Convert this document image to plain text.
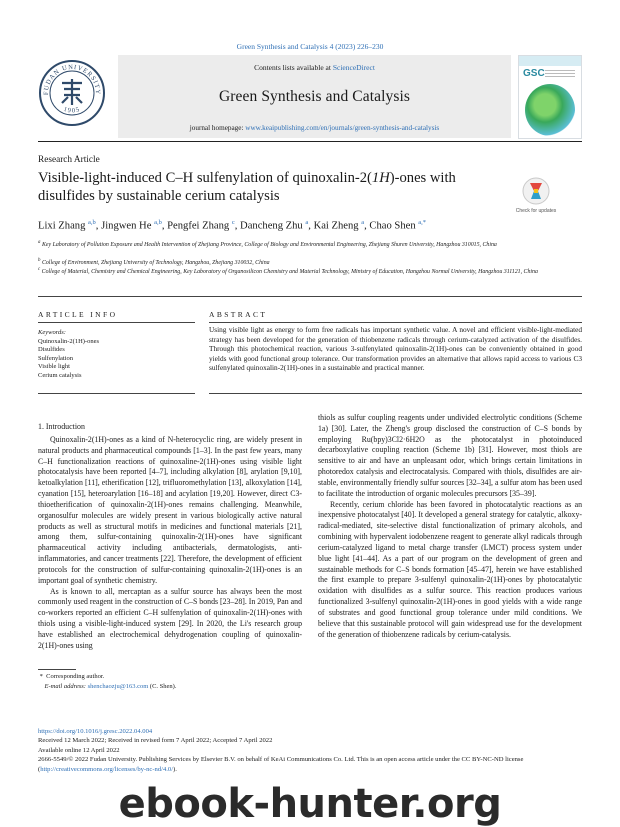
Green Synthesis and Catalysis 4 (2023) 226–230
Contents lists available at ScienceDirect
Green Synthesis and Catalysis
journal homepage: www.keaipublishing.com/en/journals/green-synthesis-and-catalysis
FUDAN UNIVERSITY
1905
GSC
Research Article
Visible-light-induced C–H sulfenylation of quinoxalin-2(1H)-ones with disulfides by sustainable cerium catalysis
Check for updates
Lixi Zhang $^{a,b}$, Jingwen He $^{a,b}$, Pengfei Zhang $^c$, Dancheng Zhu $^a$, Kai Zheng $^a$, Chao Shen $^{a,*}$
$^a$ Key Laboratory of Pollution Exposure and Health Intervention of Zhejiang Province, College of Biology and Environmental Engineering, Zhejiang Shuren University, Hangzhou 310015, China
$^b$ College of Environment, Zhejiang University of Technology, Hangzhou, Zhejiang 310032, China
$^c$ College of Material, Chemistry and Chemical Engineering, Key Laboratory of Organosilicon Chemistry and Material Technology, Ministry of Education, Hangzhou Normal University, Hangzhou 311121, China
ARTICLE INFO	ABSTRACT
Keywords:
Quinoxalin-2(1H)-ones
Disulfides
Sulfenylation
Visible light
Cerium catalysis
Using visible light as energy to form free radicals has important synthetic value. A novel and efficient visible-light-mediated strategy has been developed for the generation of thiobenzene radicals through cerium-catalyzed activation of the disulfides. Through this photochemical reaction, various 3-sulfenylated quinoxalin-2(1H)-ones can be conveniently obtained in good yields with good functional group tolerance. Our transformation provides an alternative that allows rapid access to various C3 sulfenylated quinoxalin-2(1H)-ones in a sustainable and practical manner.
1. Introduction

Quinoxalin-2(1H)-ones as a kind of N-heterocyclic ring, are widely present in natural products and pharmaceutical compounds [1–3]. In the past few years, many C–H functionalization reactions of quinoxaline-2(1H)-ones using visible light photocatalysis have been reported [4–7], including alkylation [8], arylation [9,10], ketoalkylation [11], etherification [12], trifluoromethylation [13], alkoxylation [14], cyanation [15], heteroarylation [16–18] and acylation [19,20]. However, direct C3-thioetherification of quinoxalin-2(1H)-ones remains challenging. Meanwhile, organosulfur molecules are widely present in various biologically active natural products as well as structural motifs in medicines and functional materials [21], among them, sulfur-containing quinoxalin-2(1H)-ones have significant pharmaceutical activity including antibacterials, dermatologists, anti-inflammatories, and cancer treatments [22]. Therefore, the development of efficient protocols for the construction of sulfur-containing quinoxalin-2(1H)-ones is an important goal of synthetic chemistry.

As is known to all, mercaptan as a sulfur source has always been the most commonly used reagent in the construction of C–S bonds [23–28]. In 2019, Pan and co-workers reported an efficient C–H sulfenylation of quinoxalin-2(1H)-ones with thiols using a visible-light-induced system [29]. In 2020, the Li's research group have established an electrochemical dehydrogenation coupling of quinoxalin-2(1H)-ones using

thiols as sulfur coupling reagents under undivided electrolytic conditions (Scheme 1a) [30]. Later, the Zheng's group disclosed the construction of C–S bonds by employing Ru(bpy)3Cl2·6H2O as the photocatalyst in photoinduced decarboxylative coupling reaction (Scheme 1b) [31]. However, most thiols are sensitive to air and have an unpleasant odor, which brings certain limitations in photoredox catalysis and electrocatalysis. Compared with thiols, disulfides are air-stable, environmentally friendly sulfur sources [32–34], a sulfur atom has been used to facilitate the introduction of organic molecules precursors [35–39].

Recently, cerium chloride has been favored in photocatalytic reactions as an inexpensive photocatalyst [40]. It developed a general strategy for catalytic, alkoxy-radical-mediated, site-selective distal functionalization of primary alcohols, and combining with hypervalent iodobenzene reagent to generate alkyl radicals through cerium-catalyzed ligand to metal charge transfer (LMCT) process system under blue light [41–44]. As a part of our program on the development of green and sustainable methods for C–S bonds formation [45–47], herein we have established the first example to prepare 3-sulfenyl quinoxalin-2(1H)-ones by photocatalytic oxidation with disulfides as a sulfur source. This reaction produces various functionalized 3-sulfenyl quinoxalin-2(1H)-ones in good yields with a wide range of substrates and good functional group tolerance under mild conditions. We believe that this sustainable protocol will gain widespread use for the development of the generation of thiobenzene radicals by cerium-catalysis.

* Corresponding author.
E-mail address: shenchaozju@163.com (C. Shen).
https://doi.org/10.1016/j.gresc.2022.04.004
Received 12 March 2022; Received in revised form 7 April 2022; Accepted 7 April 2022
Available online 12 April 2022
2666-5549/© 2022 Fudan University. Publishing Services by Elsevier B.V. on behalf of KeAi Communications Co. Ltd. This is an open access article under the CC BY-NC-ND license (http://creativecommons.org/licenses/by-nc-nd/4.0/).
ebook-hunter.org
